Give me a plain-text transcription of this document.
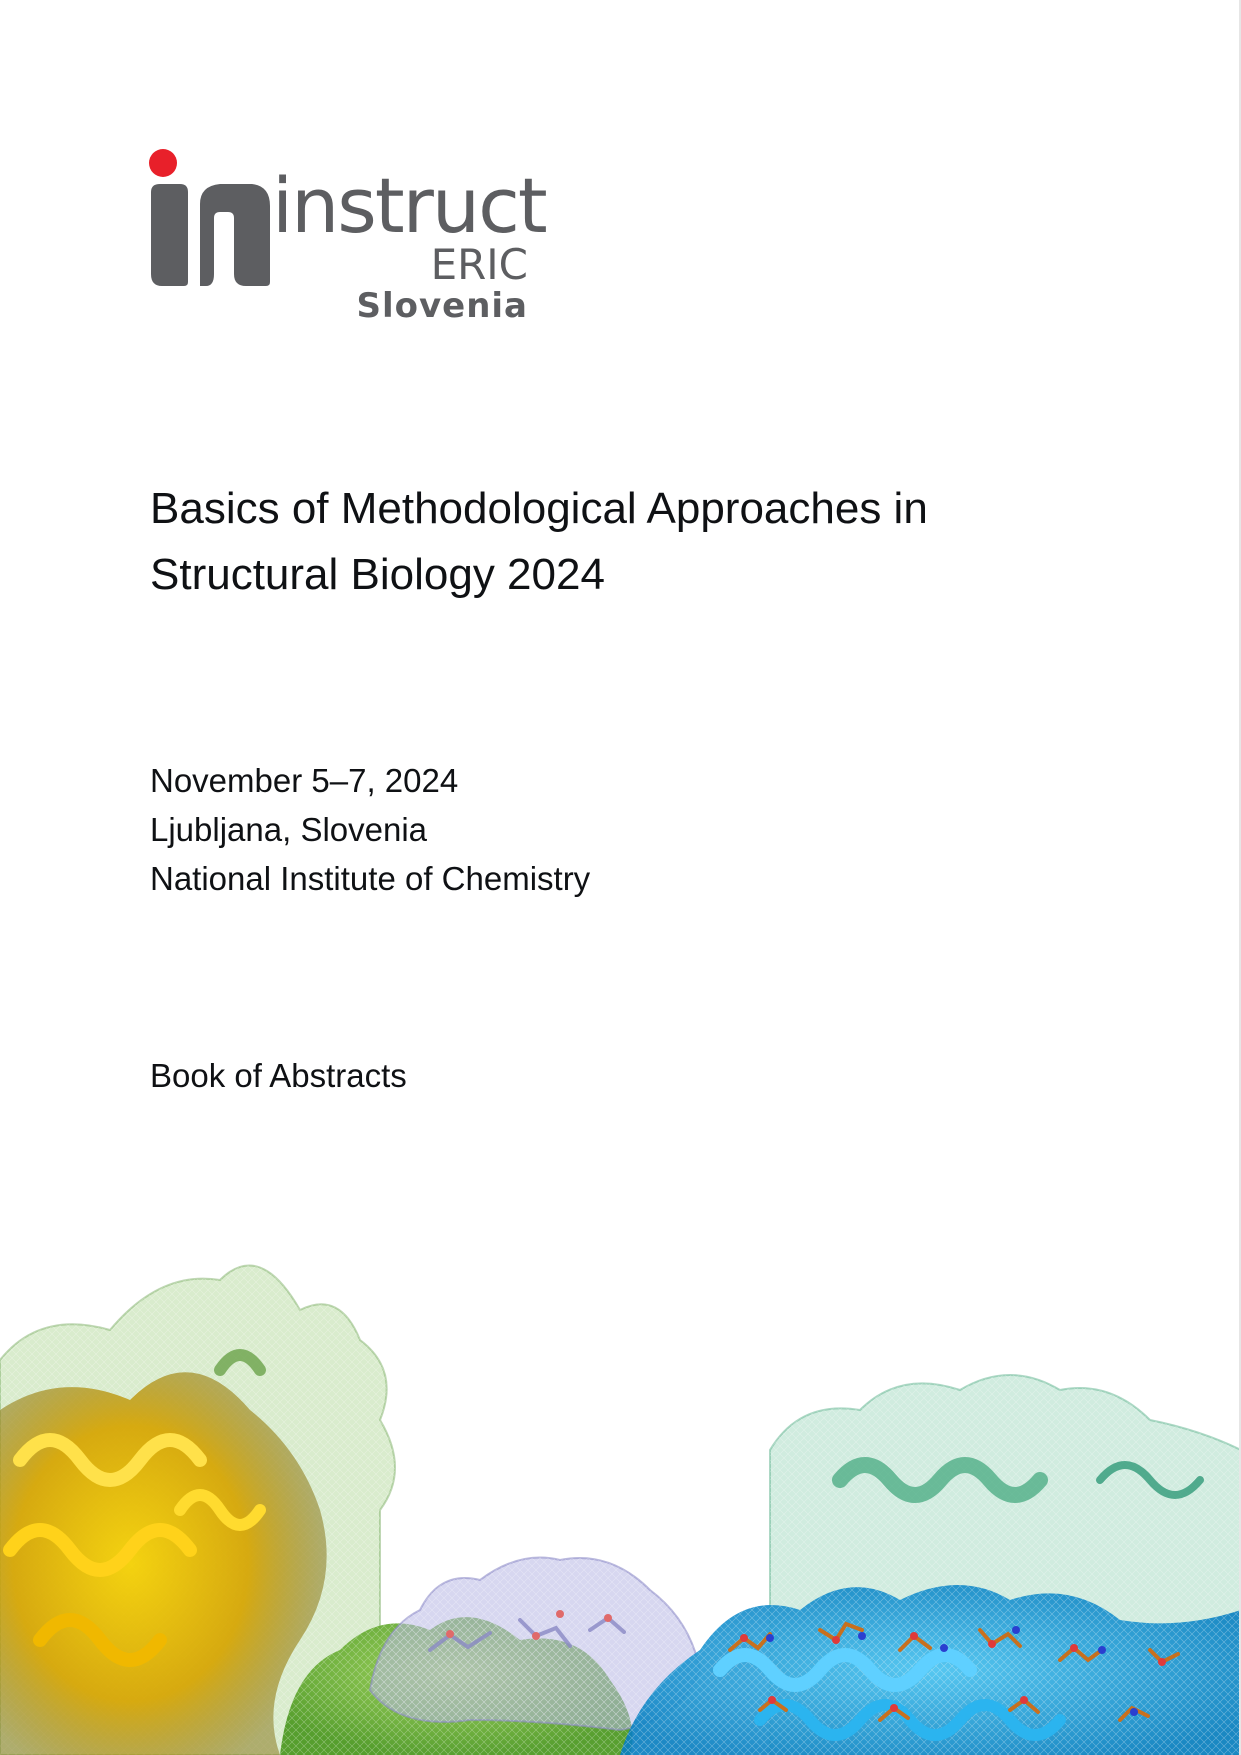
instruct
ERIC
Slovenia
Basics of Methodological Approaches in
Structural Biology 2024
November 5–7, 2024
Ljubljana, Slovenia
National Institute of Chemistry
Book of Abstracts
